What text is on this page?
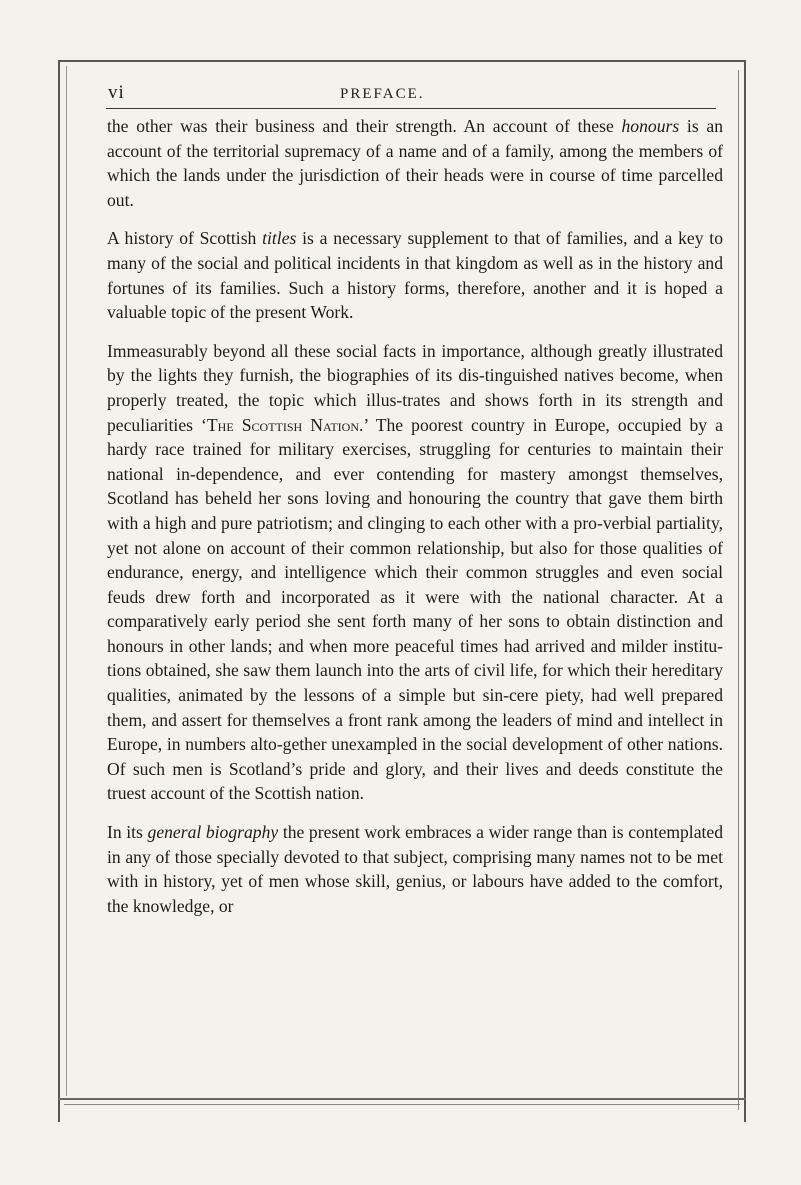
vi	PREFACE.

the other was their business and their strength. An account of these honours is an account of the territorial supremacy of a name and of a family, among the members of which the lands under the jurisdiction of their heads were in course of time parcelled out.

A history of Scottish titles is a necessary supplement to that of families, and a key to many of the social and political incidents in that kingdom as well as in the history and fortunes of its families. Such a history forms, therefore, another and it is hoped a valuable topic of the present Work.

Immeasurably beyond all these social facts in importance, although greatly illustrated by the lights they furnish, the biographies of its dis-tinguished natives become, when properly treated, the topic which illus-trates and shows forth in its strength and peculiarities ‘The Scottish Nation.’ The poorest country in Europe, occupied by a hardy race trained for military exercises, struggling for centuries to maintain their national in-dependence, and ever contending for mastery amongst themselves, Scotland has beheld her sons loving and honouring the country that gave them birth with a high and pure patriotism; and clinging to each other with a pro-verbial partiality, yet not alone on account of their common relationship, but also for those qualities of endurance, energy, and intelligence which their common struggles and even social feuds drew forth and incorporated as it were with the national character. At a comparatively early period she sent forth many of her sons to obtain distinction and honours in other lands; and when more peaceful times had arrived and milder institu-tions obtained, she saw them launch into the arts of civil life, for which their hereditary qualities, animated by the lessons of a simple but sin-cere piety, had well prepared them, and assert for themselves a front rank among the leaders of mind and intellect in Europe, in numbers alto-gether unexampled in the social development of other nations. Of such men is Scotland’s pride and glory, and their lives and deeds constitute the truest account of the Scottish nation.

In its general biography the present work embraces a wider range than is contemplated in any of those specially devoted to that subject, comprising many names not to be met with in history, yet of men whose skill, genius, or labours have added to the comfort, the knowledge, or
